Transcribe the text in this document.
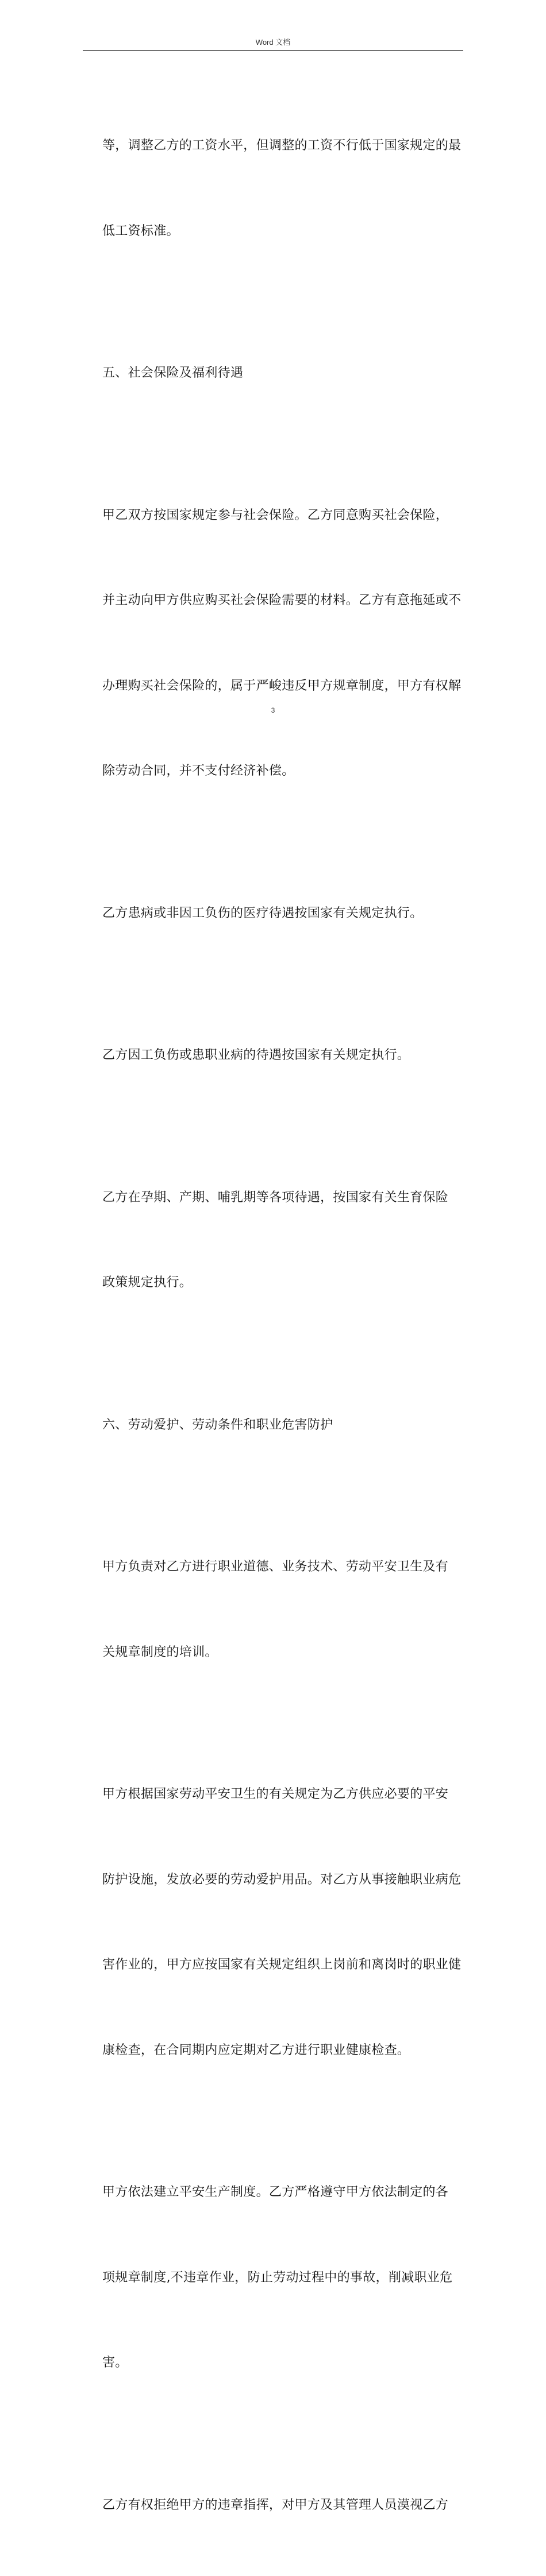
Word 文档

等，调整乙方的工资水平，但调整的工资不行低于国家规定的最

低工资标准。

五、社会保险及福利待遇

甲乙双方按国家规定参与社会保险。乙方同意购买社会保险，

并主动向甲方供应购买社会保险需要的材料。乙方有意拖延或不

办理购买社会保险的，属于严峻违反甲方规章制度，甲方有权解

除劳动合同，并不支付经济补偿。

乙方患病或非因工负伤的医疗待遇按国家有关规定执行。

乙方因工负伤或患职业病的待遇按国家有关规定执行。

乙方在孕期、产期、哺乳期等各项待遇，按国家有关生育保险

政策规定执行。

六、劳动爱护、劳动条件和职业危害防护

甲方负责对乙方进行职业道德、业务技术、劳动平安卫生及有

关规章制度的培训。

甲方根据国家劳动平安卫生的有关规定为乙方供应必要的平安

防护设施，发放必要的劳动爱护用品。对乙方从事接触职业病危

害作业的，甲方应按国家有关规定组织上岗前和离岗时的职业健

康检查，在合同期内应定期对乙方进行职业健康检查。

甲方依法建立平安生产制度。乙方严格遵守甲方依法制定的各

项规章制度,不违章作业，防止劳动过程中的事故，削减职业危

害。

乙方有权拒绝甲方的违章指挥，对甲方及其管理人员漠视乙方

3
